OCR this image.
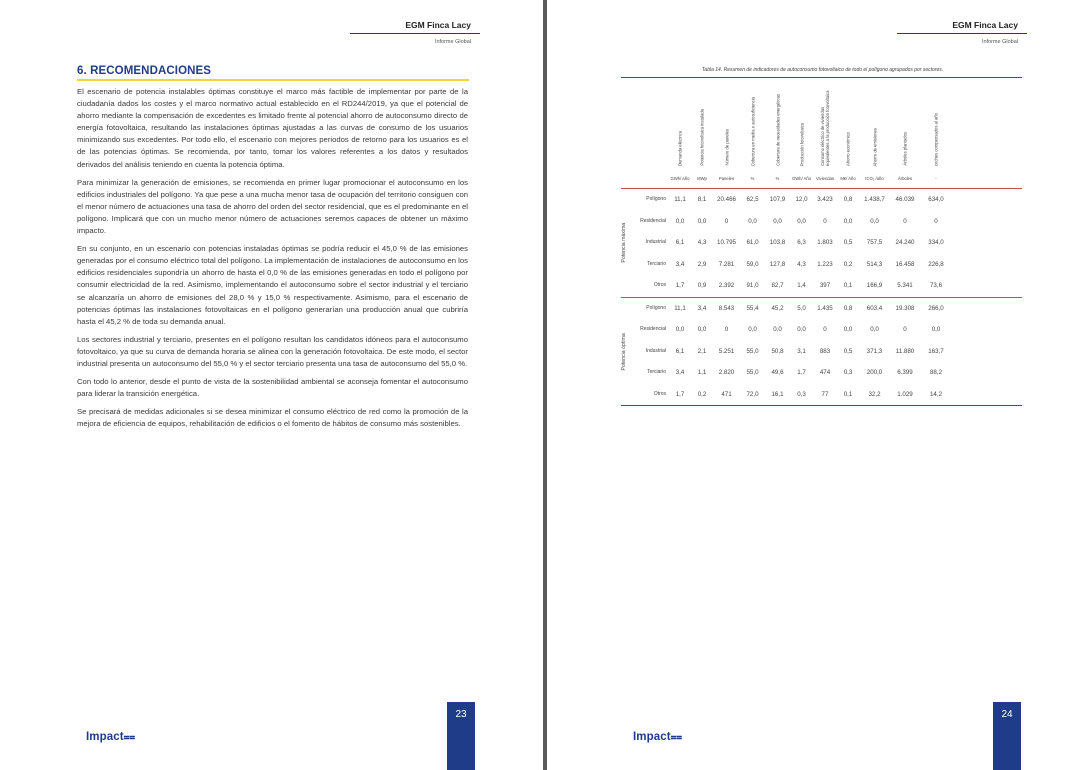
EGM Finca Lacy
Informe Global
6. RECOMENDACIONES

El escenario de potencia instalables óptimas constituye el marco más factible de implementar por parte de la ciudadanía dados los costes y el marco normativo actual establecido en el RD244/2019, ya que el potencial de ahorro mediante la compensación de excedentes es limitado frente al potencial ahorro de autoconsumo directo de energía fotovoltaica, resultando las instalaciones óptimas ajustadas a las curvas de consumo de los usuarios minimizando sus excedentes. Por todo ello, el escenario con mejores periodos de retorno para los usuarios es el de las potencias óptimas. Se recomienda, por tanto, tomar los valores referentes a los datos y resultados derivados del análisis teniendo en cuenta la potencia óptima.

Para minimizar la generación de emisiones, se recomienda en primer lugar promocionar el autoconsumo en los edificios industriales del polígono. Ya que pese a una mucha menor tasa de ocupación del territorio consiguen con el menor número de actuaciones una tasa de ahorro del orden del sector residencial, que es el predominante en el polígono. Implicará que con un mucho menor número de actuaciones seremos capaces de obtener un máximo impacto.

En su conjunto, en un escenario con potencias instaladas óptimas se podría reducir el 45,0 % de las emisiones generadas por el consumo eléctrico total del polígono. La implementación de instalaciones de autoconsumo en los edificios residenciales supondría un ahorro de hasta el 0,0 % de las emisiones generadas en todo el polígono por consumir electricidad de la red. Asimismo, implementando el autoconsumo sobre el sector industrial y el terciario se alcanzaría un ahorro de emisiones del 28,0 % y 15,0 % respectivamente. Asimismo, para el escenario de potencias óptimas las instalaciones fotovoltaicas en el polígono generarían una producción anual que cubriría hasta el 45,2 % de toda su demanda anual.

Los sectores industrial y terciario, presentes en el polígono resultan los candidatos idóneos para el autoconsumo fotovoltaico, ya que su curva de demanda horaria se alinea con la generación fotovoltaica. De este modo, el sector industrial presenta un autoconsumo del 55,0 % y el sector terciario presenta una tasa de autoconsumo del 55,0 %.

Con todo lo anterior, desde el punto de vista de la sostenibilidad ambiental se aconseja fomentar el autoconsumo para liderar la transición energética.

Se precisará de medidas adicionales si se desea minimizar el consumo eléctrico de red como la promoción de la mejora de eficiencia de equipos, rehabilitación de edificios o el fomento de hábitos de consumo más sostenibles.

Impact⩵
23
EGM Finca Lacy
Informe Global
Tabla 14. Resumen de indicadores de autoconsumo fotovoltaico de todo el polígono agrupados por sectores.
Demanda eléctrica	Potencia fotovoltaica instalada	Número de paneles	Cobertura en media o autosuficiencia	Cobertura de necesidades energéticas	Producción fotovoltaica	Consumo eléctrico de viviendas equivalentes a la producción fotovoltaica	Ahorro económico	Ahorro de emisiones	Árboles plantados	coches compensados al año
GWh/ año	MWp	Paneles	%	%	GWh/ Año	Viviendas	M€/ Año	tCO₂ /año	Árboles	-
Polígono	11,1	8,1	20.466	62,5	107,9	12,0	3.423	0,8	1.438,7	46.039	634,0
Residencial	0,0	0,0	0	0,0	0,0	0,0	0	0,0	0,0	0	0
Industrial	6,1	4,3	10.795	61,0	103,8	6,3	1.803	0,5	757,5	24.240	334,0
Terciario	3,4	2,9	7.281	59,0	127,8	4,3	1.223	0,2	514,3	16.458	226,8
Otros	1,7	0,9	2.392	91,0	82,7	1,4	397	0,1	166,9	5.341	73,6
Potencia máxima
Polígono	11,1	3,4	8.543	55,4	45,2	5,0	1.435	0,8	603,4	19.308	266,0
Residencial	0,0	0,0	0	0,0	0,0	0,0	0	0,0	0,0	0	0,0
Industrial	6,1	2,1	5.251	55,0	50,8	3,1	883	0,5	371,3	11.880	163,7
Terciario	3,4	1,1	2.820	55,0	49,6	1,7	474	0,3	200,0	6.399	88,2
Otros	1,7	0,2	471	72,0	16,1	0,3	77	0,1	32,2	1.029	14,2
Potencia óptima
Impact⩵
24
